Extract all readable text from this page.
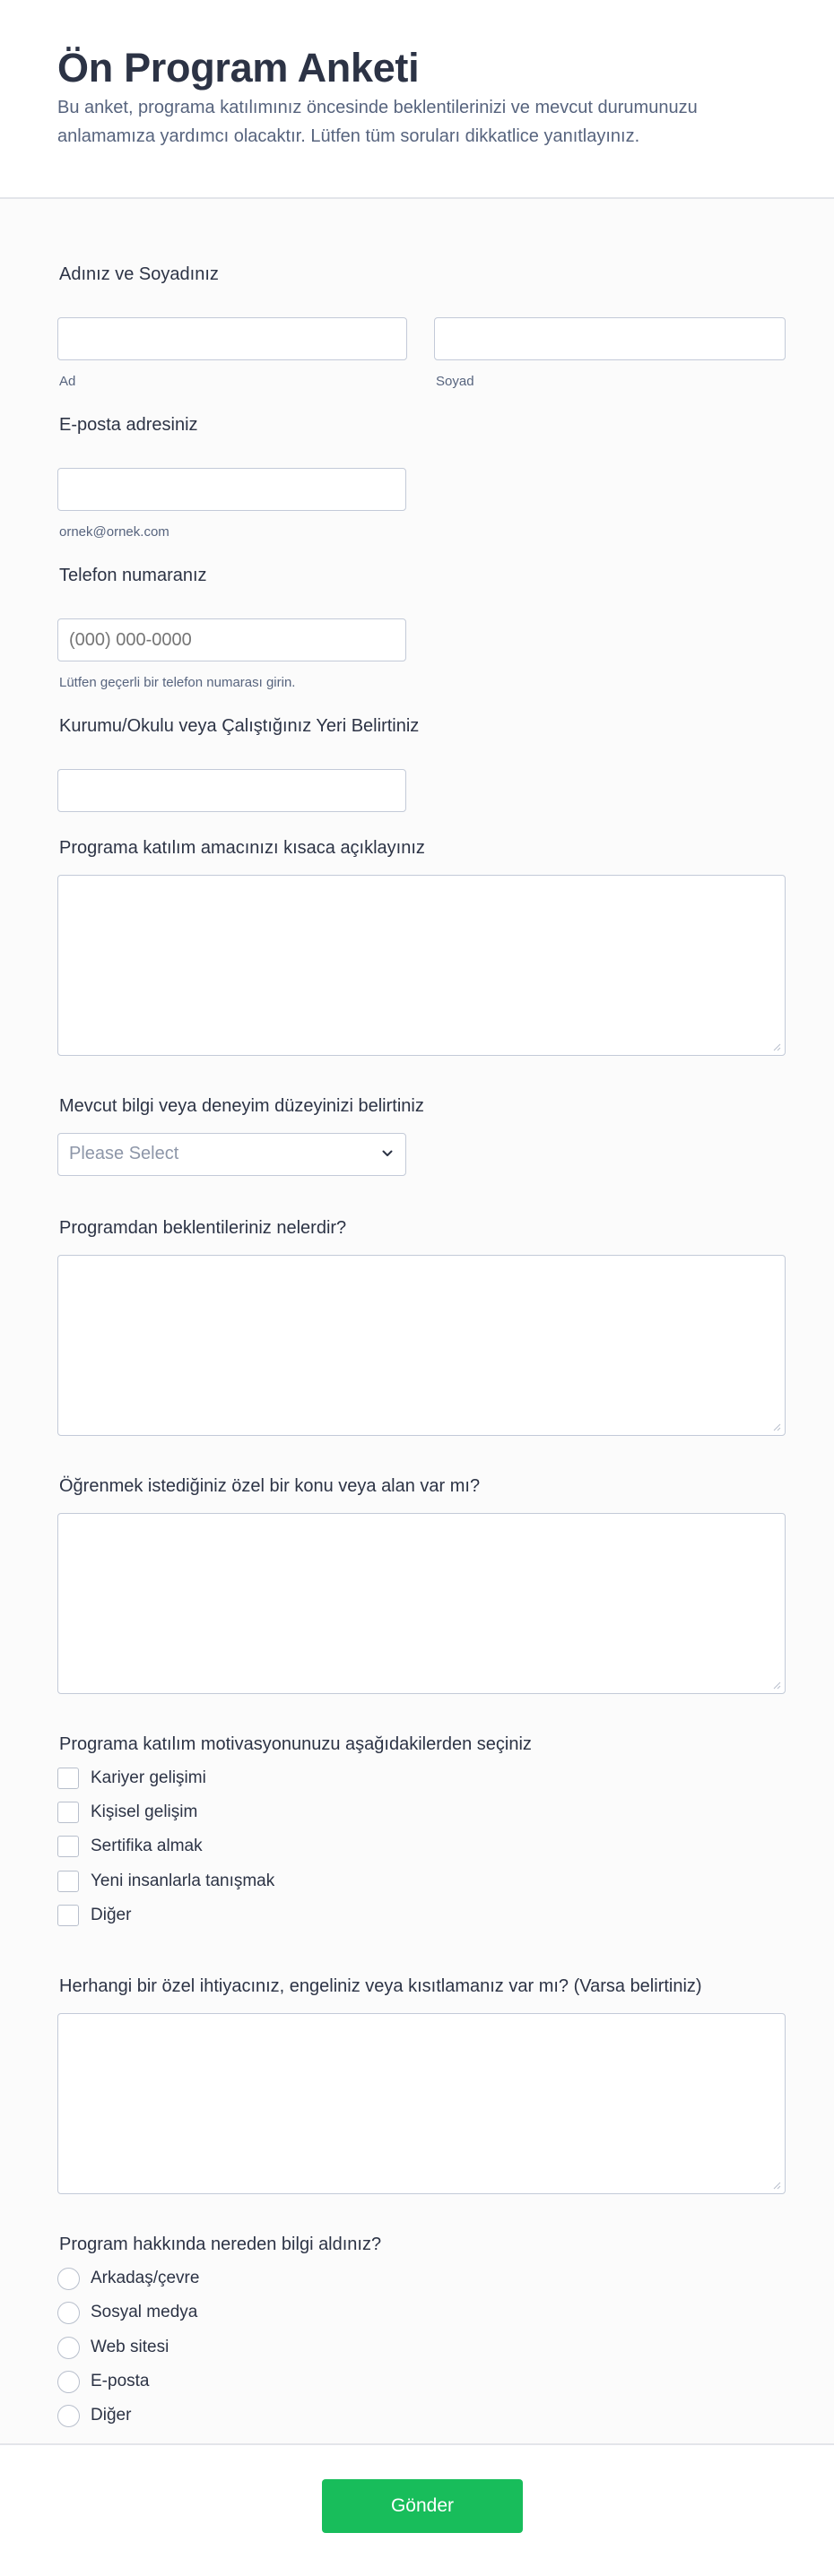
Ön Program Anketi

Bu anket, programa katılımınız öncesinde beklentilerinizi ve mevcut durumunuzu anlamamıza yardımcı olacaktır. Lütfen tüm soruları dikkatlice yanıtlayınız.

Adınız ve Soyadınız
Ad	Soyad
E-posta adresiniz
ornek@ornek.com
Telefon numaranız
(000) 000-0000
Lütfen geçerli bir telefon numarası girin.
Kurumu/Okulu veya Çalıştığınız Yeri Belirtiniz
Programa katılım amacınızı kısaca açıklayınız
Mevcut bilgi veya deneyim düzeyinizi belirtiniz
Please Select
Programdan beklentileriniz nelerdir?
Öğrenmek istediğiniz özel bir konu veya alan var mı?
Programa katılım motivasyonunuzu aşağıdakilerden seçiniz
Kariyer gelişimi
Kişisel gelişim
Sertifika almak
Yeni insanlarla tanışmak
Diğer
Herhangi bir özel ihtiyacınız, engeliniz veya kısıtlamanız var mı? (Varsa belirtiniz)
Program hakkında nereden bilgi aldınız?
Arkadaş/çevre
Sosyal medya
Web sitesi
E-posta
Diğer
Gönder
